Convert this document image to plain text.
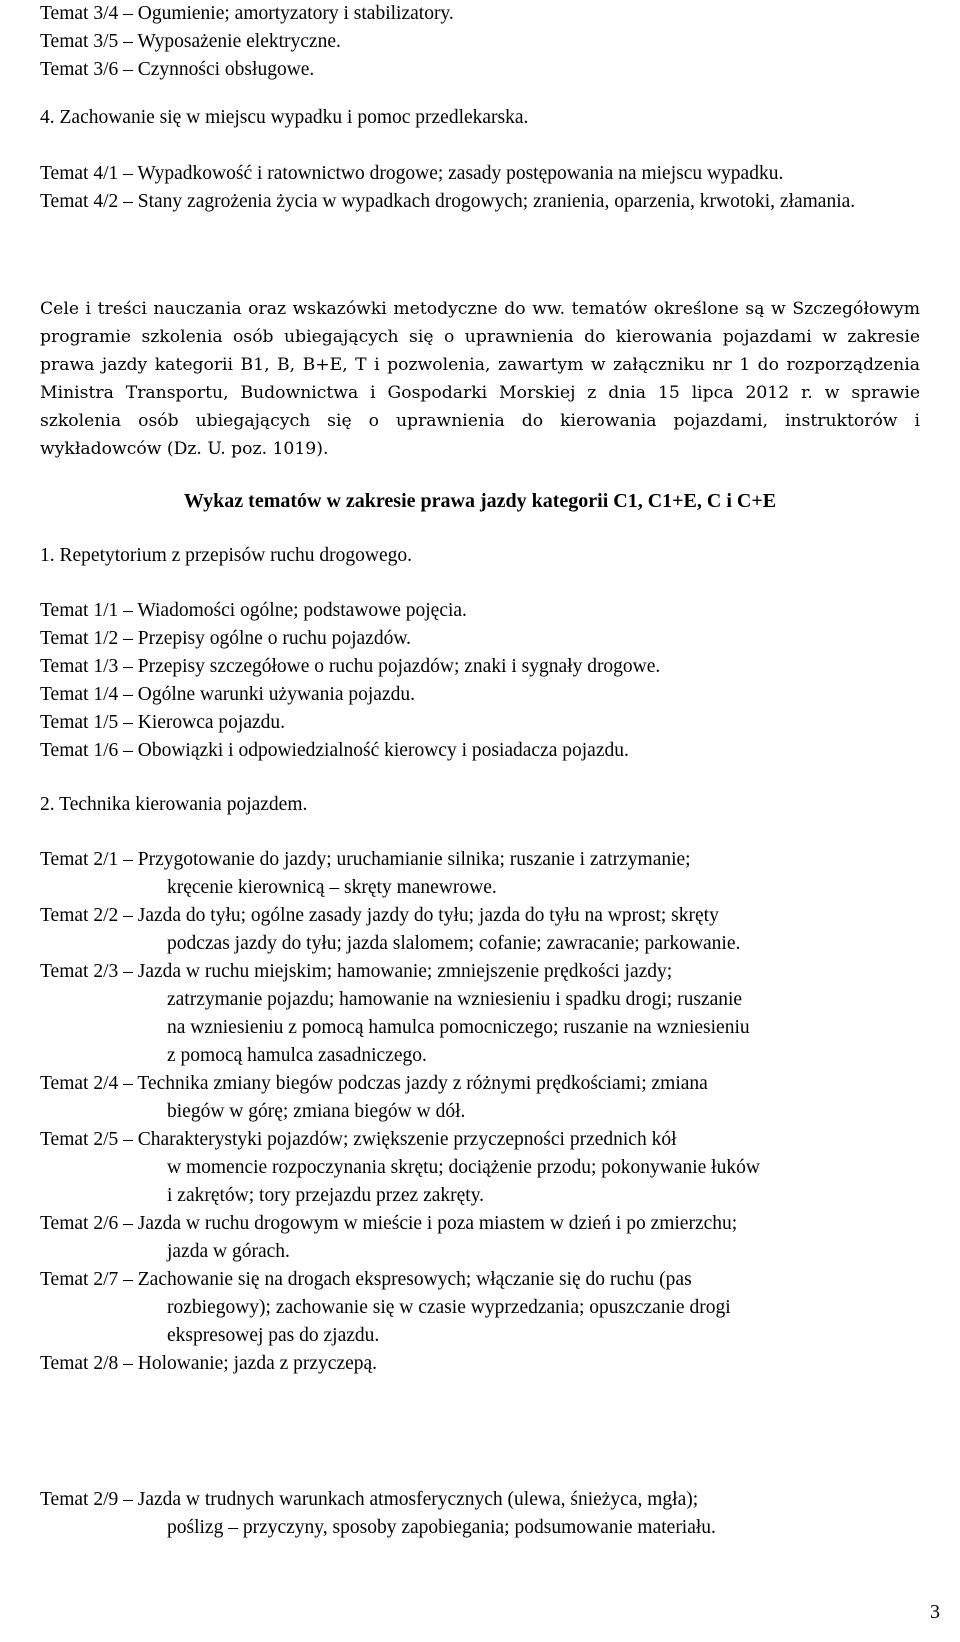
Temat 3/4 – Ogumienie; amortyzatory i stabilizatory.
Temat 3/5 – Wyposażenie elektryczne.
Temat 3/6 – Czynności obsługowe.
4. Zachowanie się w miejscu wypadku i pomoc przedlekarska.
Temat 4/1 – Wypadkowość i ratownictwo drogowe; zasady postępowania na miejscu wypadku.
Temat 4/2 – Stany zagrożenia życia w wypadkach drogowych; zranienia, oparzenia, krwotoki, złamania.
Cele i treści nauczania oraz wskazówki metodyczne do ww. tematów określone są w Szczegółowym programie szkolenia osób ubiegających się o uprawnienia do kierowania pojazdami w zakresie prawa jazdy kategorii B1, B, B+E, T i pozwolenia, zawartym w załączniku nr 1 do rozporządzenia Ministra Transportu, Budownictwa i Gospodarki Morskiej z dnia 15 lipca 2012 r. w sprawie szkolenia osób ubiegających się o uprawnienia do kierowania pojazdami, instruktorów i wykładowców (Dz. U. poz. 1019).
Wykaz tematów w zakresie prawa jazdy kategorii C1, C1+E, C i C+E
1. Repetytorium z przepisów ruchu drogowego.
Temat 1/1 – Wiadomości ogólne; podstawowe pojęcia.
Temat 1/2 – Przepisy ogólne o ruchu pojazdów.
Temat 1/3 – Przepisy szczegółowe o ruchu pojazdów; znaki i sygnały drogowe.
Temat 1/4 – Ogólne warunki używania pojazdu.
Temat 1/5 – Kierowca pojazdu.
Temat 1/6 – Obowiązki i odpowiedzialność kierowcy i posiadacza pojazdu.
2. Technika kierowania pojazdem.
Temat 2/1 – Przygotowanie do jazdy; uruchamianie silnika; ruszanie i zatrzymanie;
kręcenie kierownicą – skręty manewrowe.
Temat 2/2 – Jazda do tyłu; ogólne zasady jazdy do tyłu; jazda do tyłu na wprost; skręty
podczas jazdy do tyłu; jazda slalomem; cofanie; zawracanie; parkowanie.
Temat 2/3 – Jazda w ruchu miejskim; hamowanie; zmniejszenie prędkości jazdy;
zatrzymanie pojazdu; hamowanie na wzniesieniu i spadku drogi; ruszanie
na wzniesieniu z pomocą hamulca pomocniczego; ruszanie na wzniesieniu
z pomocą hamulca zasadniczego.
Temat 2/4 – Technika zmiany biegów podczas jazdy z różnymi prędkościami; zmiana
biegów w górę; zmiana biegów w dół.
Temat 2/5 – Charakterystyki pojazdów; zwiększenie przyczepności przednich kół
w momencie rozpoczynania skrętu; dociążenie przodu; pokonywanie łuków
i zakrętów; tory przejazdu przez zakręty.
Temat 2/6 – Jazda w ruchu drogowym w mieście i poza miastem w dzień i po zmierzchu;
jazda w górach.
Temat 2/7 – Zachowanie się na drogach ekspresowych; włączanie się do ruchu (pas
rozbiegowy); zachowanie się w czasie wyprzedzania; opuszczanie drogi
ekspresowej pas do zjazdu.
Temat 2/8 – Holowanie; jazda z przyczepą.
Temat 2/9 – Jazda w trudnych warunkach atmosferycznych (ulewa, śnieżyca, mgła);
poślizg – przyczyny, sposoby zapobiegania; podsumowanie materiału.
3
